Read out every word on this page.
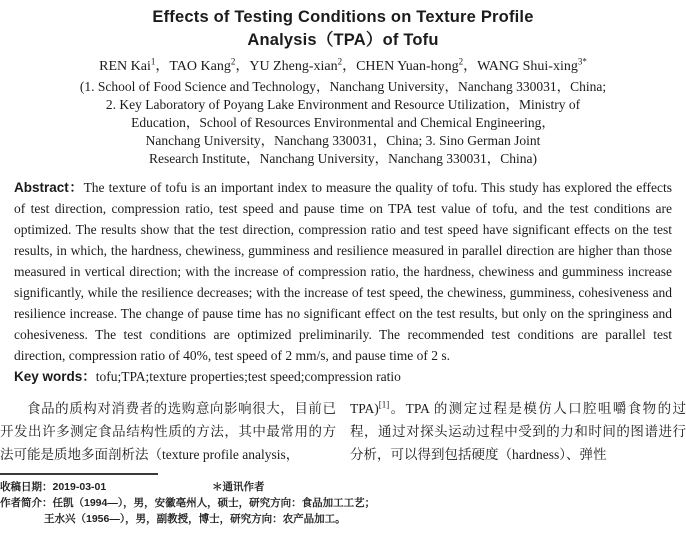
Effects of Testing Conditions on Texture Profile
Analysis（TPA）of Tofu
REN Kai$^1$，TAO Kang$^2$，YU Zheng-xian$^2$，CHEN Yuan-hong$^2$，WANG Shui-xing$^{3*}$
(1. School of Food Science and Technology，Nanchang University，Nanchang 330031，China;
2. Key Laboratory of Poyang Lake Environment and Resource Utilization，Ministry of
Education，School of Resources Environmental and Chemical Engineering，
Nanchang University，Nanchang 330031，China; 3. Sino German Joint
Research Institute，Nanchang University，Nanchang 330031，China)

Abstract：The texture of tofu is an important index to measure the quality of tofu. This study has explored the effects of test direction, compression ratio, test speed and pause time on TPA test value of tofu, and the test conditions are optimized. The results show that the test direction, compression ratio and test speed have significant effects on the test results, in which, the hardness, chewiness, gumminess and resilience measured in parallel direction are higher than those measured in vertical direction; with the increase of compression ratio, the hardness, chewiness and gumminess increase significantly, while the resilience decreases; with the increase of test speed, the chewiness, gumminess, cohesiveness and resilience increase. The change of pause time has no significant effect on the test results, but only on the springiness and cohesiveness. The test conditions are optimized preliminarily. The recommended test conditions are parallel test direction, compression ratio of 40%, test speed of 2 mm/s, and pause time of 2 s.

Key words：tofu;TPA;texture properties;test speed;compression ratio

食品的质构对消费者的选购意向影响很大，目前已开发出许多测定食品结构性质的方法，其中最常用的方法可能是质地多面剖析法（texture profile analysis，

TPA)[1]。TPA 的测定过程是模仿人口腔咀嚼食物的过程，通过对探头运动过程中受到的力和时间的图谱进行分析，可以得到包括硬度（hardness）、弹性

收稿日期：2019-03-01	＊通讯作者
作者简介：任凯（1994—），男，安徽亳州人，硕士，研究方向：食品加工工艺；
王水兴（1956—），男，副教授，博士，研究方向：农产品加工。
